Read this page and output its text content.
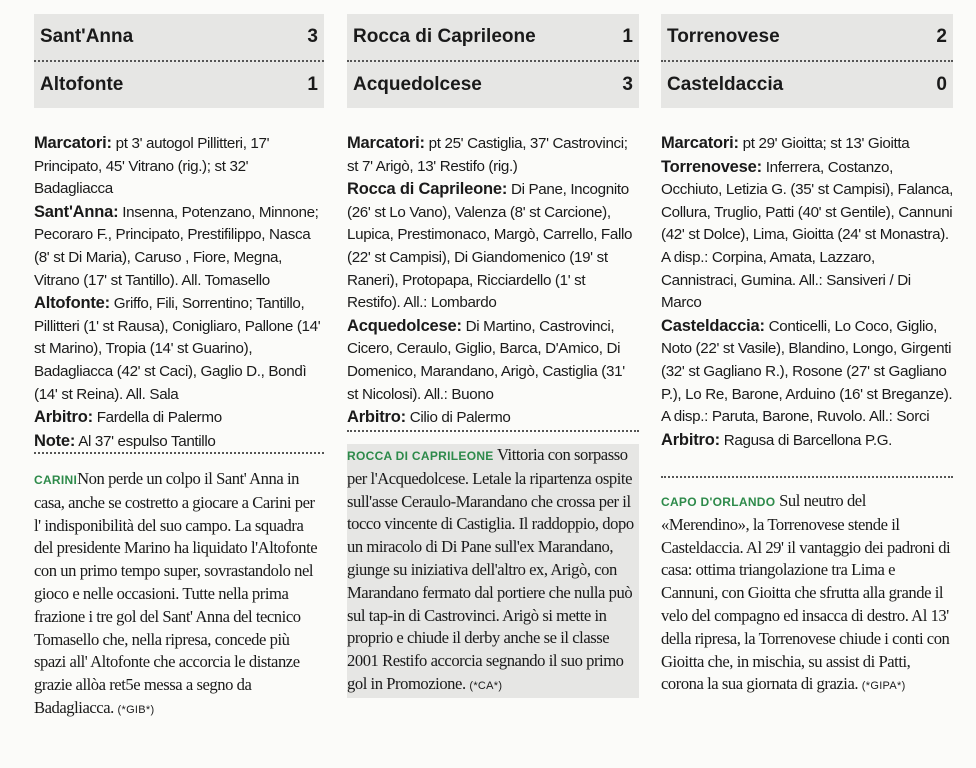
Sant'Anna	3
Altofonte	1

Marcatori: pt 3' autogol Pillitteri, 17' Principato, 45' Vitrano (rig.); st 32' Badagliacca

Sant'Anna: Insenna, Potenzano, Minnone; Pecoraro F., Principato, Prestifilippo, Nasca (8' st Di Maria), Caruso , Fiore, Megna, Vitrano (17' st Tantillo). All. Tomasello

Altofonte: Griffo, Fili, Sorrentino; Tantillo, Pillitteri (1' st Rausa), Conigliaro, Pallone (14' st Marino), Tropia (14' st Guarino), Badagliacca (42' st Caci), Gaglio D., Bondì (14' st Reina). All. Sala

Arbitro: Fardella di Palermo

Note: Al 37' espulso Tantillo

CARININon perde un colpo il Sant' Anna in casa, anche se costretto a giocare a Carini per l' indisponibilità del suo campo. La squadra del presidente Marino ha liquidato l'Altofonte con un primo tempo super, sovrastandolo nel gioco e nelle occasioni. Tutte nella prima frazione i tre gol del Sant' Anna del tecnico Tomasello che, nella ripresa, concede più spazi all' Altofonte che accorcia le distanze grazie allòa ret5e messa a segno da Badagliacca. (*GIB*)

Rocca di Caprileone	1
Acquedolcese	3

Marcatori: pt 25' Castiglia, 37' Castrovinci; st 7' Arigò, 13' Restifo (rig.)

Rocca di Caprileone: Di Pane, Incognito (26' st Lo Vano), Valenza (8' st Carcione), Lupica, Prestimonaco, Margò, Carrello, Fallo (22' st Campisi), Di Giandomenico (19' st Raneri), Protopapa, Ricciardello (1' st Restifo). All.: Lombardo

Acquedolcese: Di Martino, Castrovinci, Cicero, Ceraulo, Giglio, Barca, D'Amico, Di Domenico, Marandano, Arigò, Castiglia (31' st Nicolosi). All.: Buono

Arbitro: Cilio di Palermo

ROCCA DI CAPRILEONE Vittoria con sorpasso per l'Acquedolcese. Letale la ripartenza ospite sull'asse Ceraulo-Marandano che crossa per il tocco vincente di Castiglia. Il raddoppio, dopo un miracolo di Di Pane sull'ex Marandano, giunge su iniziativa dell'altro ex, Arigò, con Marandano fermato dal portiere che nulla può sul tap-in di Castrovinci. Arigò si mette in proprio e chiude il derby anche se il classe 2001 Restifo accorcia segnando il suo primo gol in Promozione. (*CA*)

Torrenovese	2
Casteldaccia	0

Marcatori: pt 29' Gioitta; st 13' Gioitta

Torrenovese: Inferrera, Costanzo, Occhiuto, Letizia G. (35' st Campisi), Falanca, Collura, Truglio, Patti (40' st Gentile), Cannuni (42' st Dolce), Lima, Gioitta (24' st Monastra). A disp.: Corpina, Amata, Lazzaro, Cannistraci, Gumina. All.: Sansiveri / Di Marco

Casteldaccia: Conticelli, Lo Coco, Giglio, Noto (22' st Vasile), Blandino, Longo, Girgenti (32' st Gagliano R.), Rosone (27' st Gagliano P.), Lo Re, Barone, Arduino (16' st Breganze). A disp.: Paruta, Barone, Ruvolo. All.: Sorci

Arbitro: Ragusa di Barcellona P.G.

CAPO D'ORLANDO Sul neutro del «Merendino», la Torrenovese stende il Casteldaccia. Al 29' il vantaggio dei padroni di casa: ottima triangolazione tra Lima e Cannuni, con Gioitta che sfrutta alla grande il velo del compagno ed insacca di destro. Al 13' della ripresa, la Torrenovese chiude i conti con Gioitta che, in mischia, su assist di Patti, corona la sua giornata di grazia. (*GIPA*)
